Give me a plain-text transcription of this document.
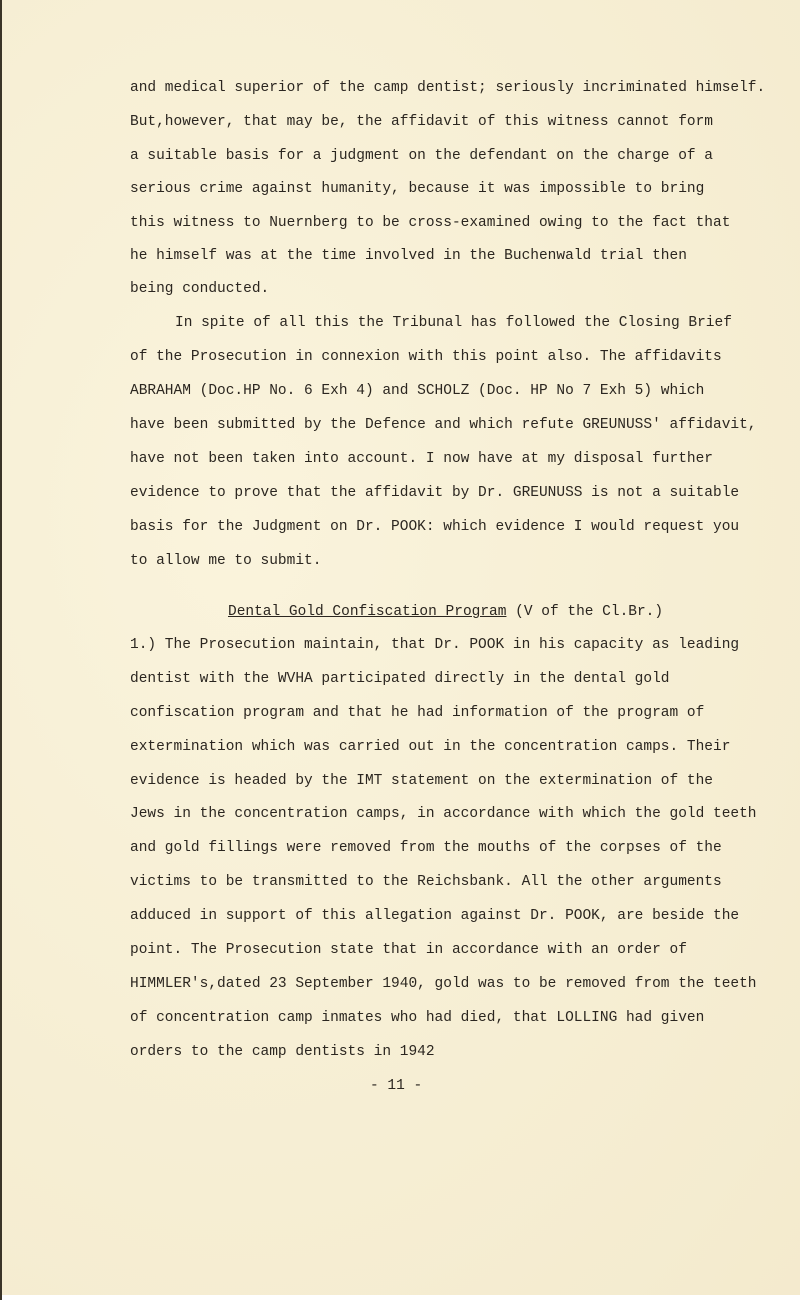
and medical superior of the camp dentist; seriously incriminated himself.
But,however, that may be, the affidavit of this witness cannot form
a suitable basis for a judgment on the defendant on the charge of a
serious crime against humanity, because it was impossible to bring
this witness to Nuernberg to be cross-examined owing to the fact that
he himself was at the time involved in the Buchenwald trial then
being conducted.
In spite of all this the Tribunal has followed the Closing Brief
of the Prosecution in connexion with this point also. The affidavits
ABRAHAM (Doc.HP No. 6 Exh 4) and SCHOLZ (Doc. HP No 7 Exh 5) which
have been submitted by the Defence and which refute GREUNUSS' affidavit,
have not been taken into account. I now have at my disposal further
evidence to prove that the affidavit by Dr. GREUNUSS is not a suitable
basis for the Judgment on Dr. POOK: which evidence I would request you
to allow me to submit.
Dental Gold Confiscation Program (V of the Cl.Br.)
1.) The Prosecution maintain, that Dr. POOK in his capacity as leading
dentist with the WVHA participated directly in the dental gold
confiscation program and that he had information of the program of
extermination which was carried out in the concentration camps. Their
evidence is headed by the IMT statement on the extermination of the
Jews in the concentration camps, in accordance with which the gold teeth
and gold fillings were removed from the mouths of the corpses of the
victims to be transmitted to the Reichsbank. All the other arguments
adduced in support of this allegation against Dr. POOK, are beside the
point. The Prosecution state that in accordance with an order of
HIMMLER's,dated 23 September 1940, gold was to be removed from the teeth
of concentration camp inmates who had died, that LOLLING had given
orders to the camp dentists in 1942
- 11 -
